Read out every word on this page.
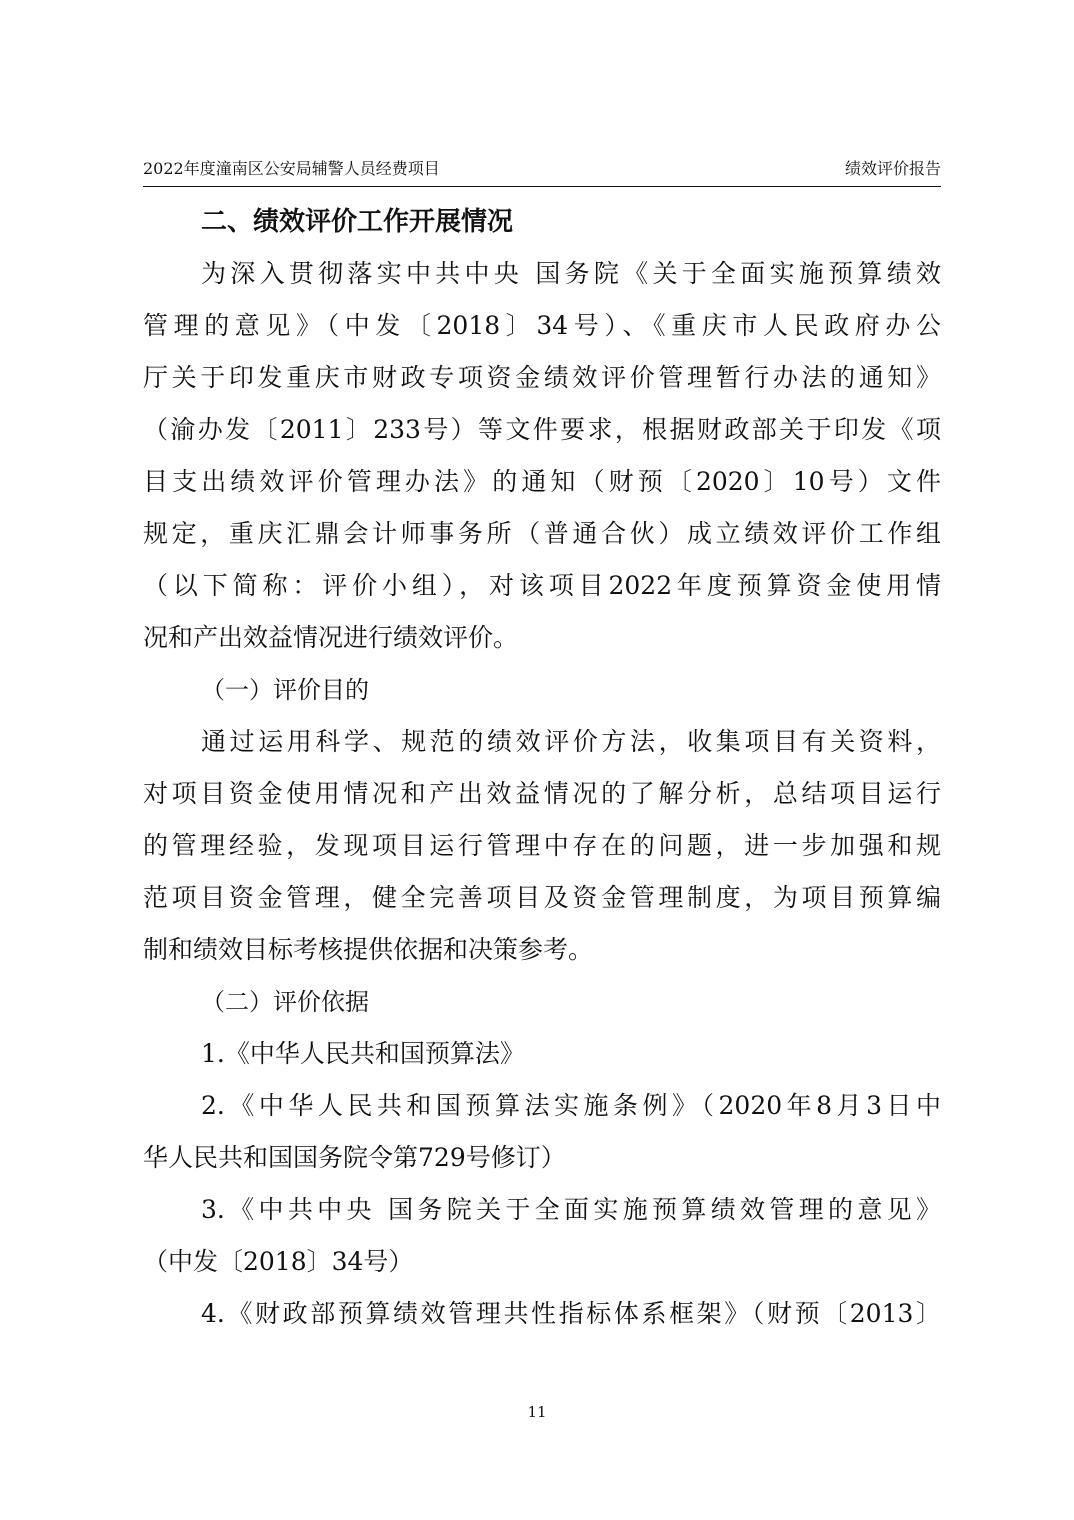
2022年度潼南区公安局辅警人员经费项目	绩效评价报告
二、绩效评价工作开展情况
为深入贯彻落实中共中央 国务院《关于全面实施预算绩效
管理的意见》（中发〔2018〕34号）、《重庆市人民政府办公
厅关于印发重庆市财政专项资金绩效评价管理暂行办法的通知》
（渝办发〔2011〕233号）等文件要求，根据财政部关于印发《项
目支出绩效评价管理办法》的通知（财预〔2020〕10号）文件
规定，重庆汇鼎会计师事务所（普通合伙）成立绩效评价工作组
（以下简称：评价小组），对该项目2022年度预算资金使用情
况和产出效益情况进行绩效评价。
（一）评价目的
通过运用科学、规范的绩效评价方法，收集项目有关资料，
对项目资金使用情况和产出效益情况的了解分析，总结项目运行
的管理经验，发现项目运行管理中存在的问题，进一步加强和规
范项目资金管理，健全完善项目及资金管理制度，为项目预算编
制和绩效目标考核提供依据和决策参考。
（二）评价依据
1.《中华人民共和国预算法》
2.《中华人民共和国预算法实施条例》（2020年8月3日中
华人民共和国国务院令第729号修订）
3.《中共中央 国务院关于全面实施预算绩效管理的意见》
（中发〔2018〕34号）
4.《财政部预算绩效管理共性指标体系框架》（财预〔2013〕
11
